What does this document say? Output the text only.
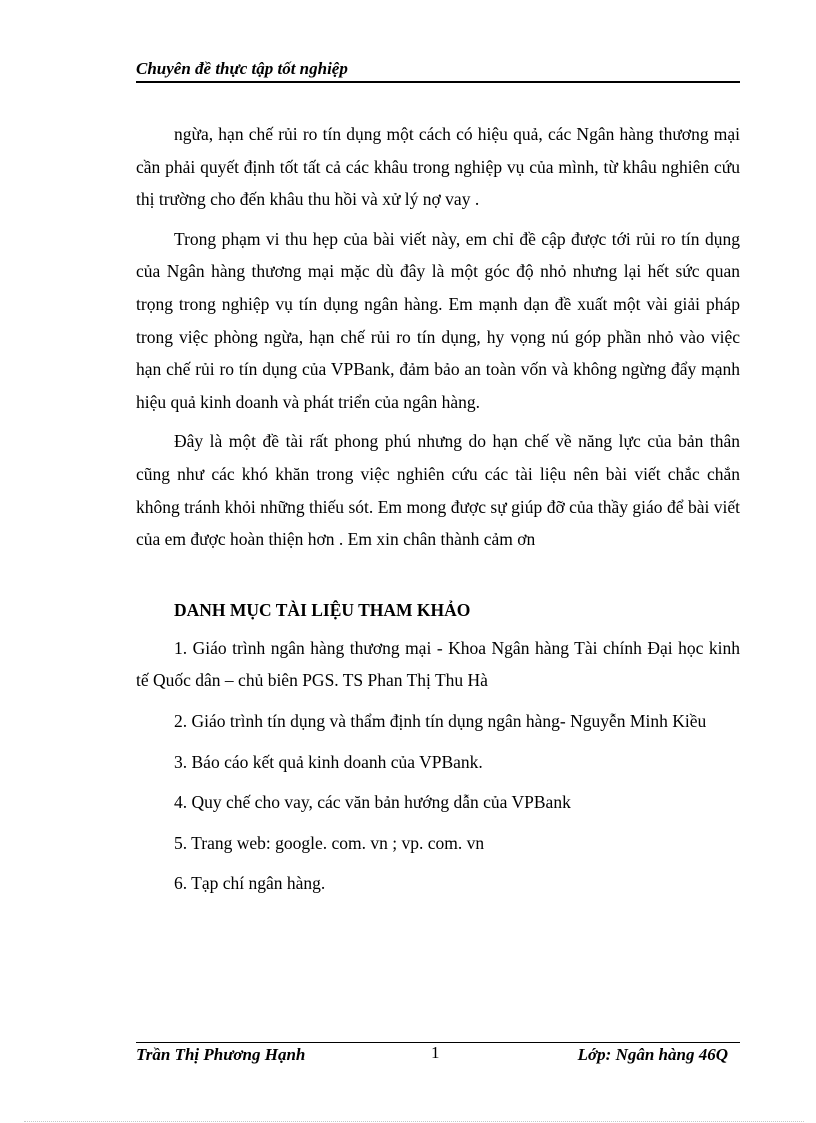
Chuyên đề thực tập tốt nghiệp

ngừa, hạn chế rủi ro tín dụng một cách có hiệu quả, các Ngân hàng thương mại cần phải quyết định tốt tất cả các khâu trong nghiệp vụ của mình, từ khâu nghiên cứu thị trường cho đến khâu thu hồi và xử lý nợ vay .

Trong phạm vi thu hẹp của bài viết này, em chỉ đề cập được tới rủi ro tín dụng của Ngân hàng thương mại mặc dù đây là một góc độ nhỏ nhưng lại hết sức quan trọng trong nghiệp vụ tín dụng ngân hàng. Em mạnh dạn đề xuất một vài giải pháp trong việc phòng ngừa, hạn chế rủi ro tín dụng, hy vọng nú góp phần nhỏ vào việc hạn chế rủi ro tín dụng của VPBank, đảm bảo an toàn vốn và không ngừng đẩy mạnh hiệu quả kinh doanh và phát triển của ngân hàng.

Đây là một đề tài rất phong phú nhưng do hạn chế về năng lực của bản thân cũng như các khó khăn trong việc nghiên cứu các tài liệu nên bài viết chắc chắn không tránh khỏi những thiếu sót. Em mong được sự giúp đỡ của thầy giáo để bài viết của em được hoàn thiện hơn . Em xin chân thành cảm ơn

DANH MỤC TÀI LIỆU THAM KHẢO
1. Giáo trình ngân hàng thương mại - Khoa Ngân hàng Tài chính Đại học kinh tế Quốc dân – chủ biên PGS. TS Phan Thị Thu Hà
2. Giáo trình tín dụng và thẩm định tín dụng ngân hàng- Nguyễn Minh Kiều
3. Báo cáo kết quả kinh doanh của VPBank.
4. Quy chế cho vay, các văn bản hướng dẫn của VPBank
5. Trang web: google. com. vn ; vp. com. vn
6. Tạp chí ngân hàng.
Trần Thị Phương Hạnh	1	Lớp: Ngân hàng 46Q
